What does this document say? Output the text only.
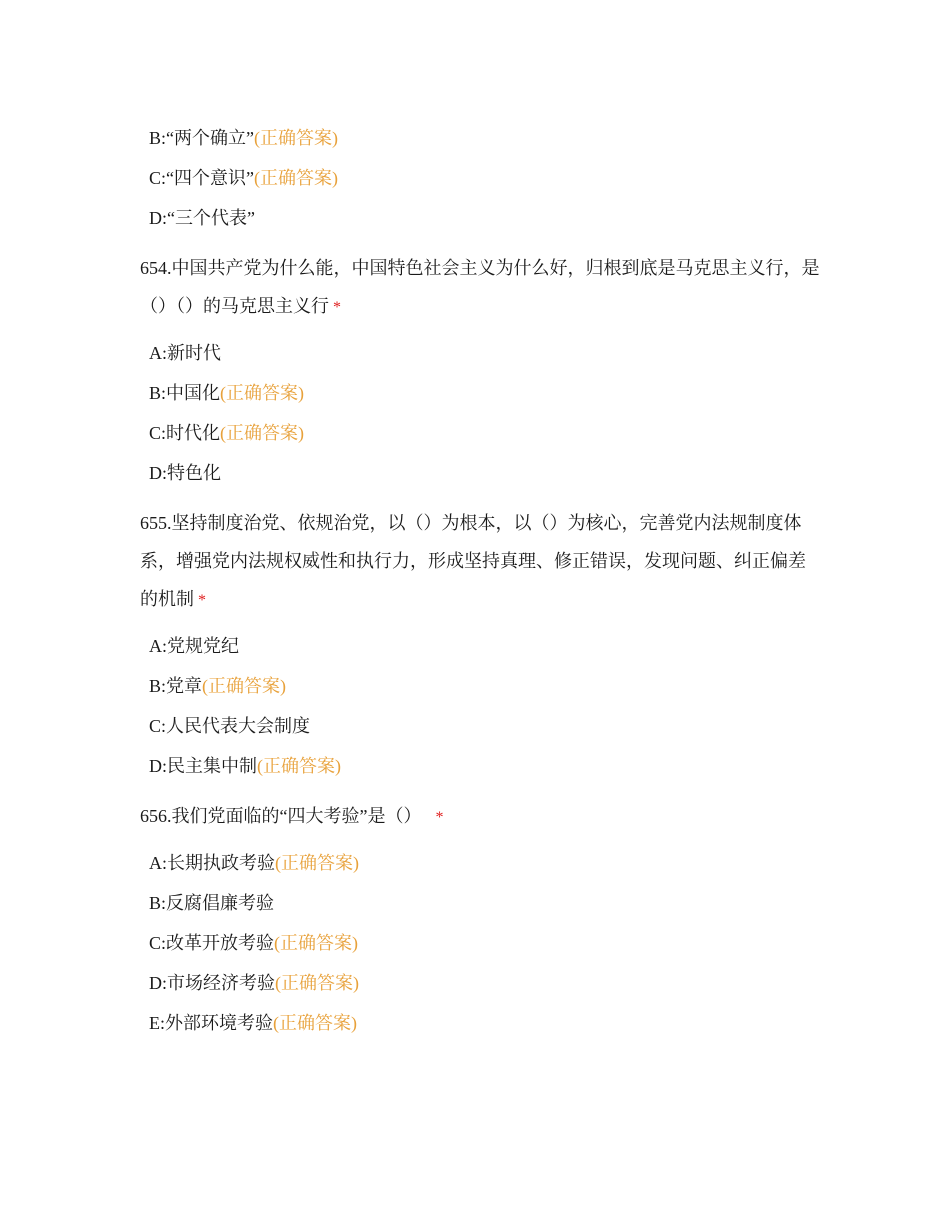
B:“两个确立”(正确答案)
C:“四个意识”(正确答案)
D:“三个代表”
654.中国共产党为什么能，中国特色社会主义为什么好，归根到底是马克思主义行，是（）（）的马克思主义行 *
A:新时代
B:中国化(正确答案)
C:时代化(正确答案)
D:特色化
655.坚持制度治党、依规治党，以（）为根本，以（）为核心，完善党内法规制度体系，增强党内法规权威性和执行力，形成坚持真理、修正错误，发现问题、纠正偏差的机制 *
A:党规党纪
B:党章(正确答案)
C:人民代表大会制度
D:民主集中制(正确答案)
656.我们党面临的“四大考验”是（） *
A:长期执政考验(正确答案)
B:反腐倡廉考验
C:改革开放考验(正确答案)
D:市场经济考验(正确答案)
E:外部环境考验(正确答案)
